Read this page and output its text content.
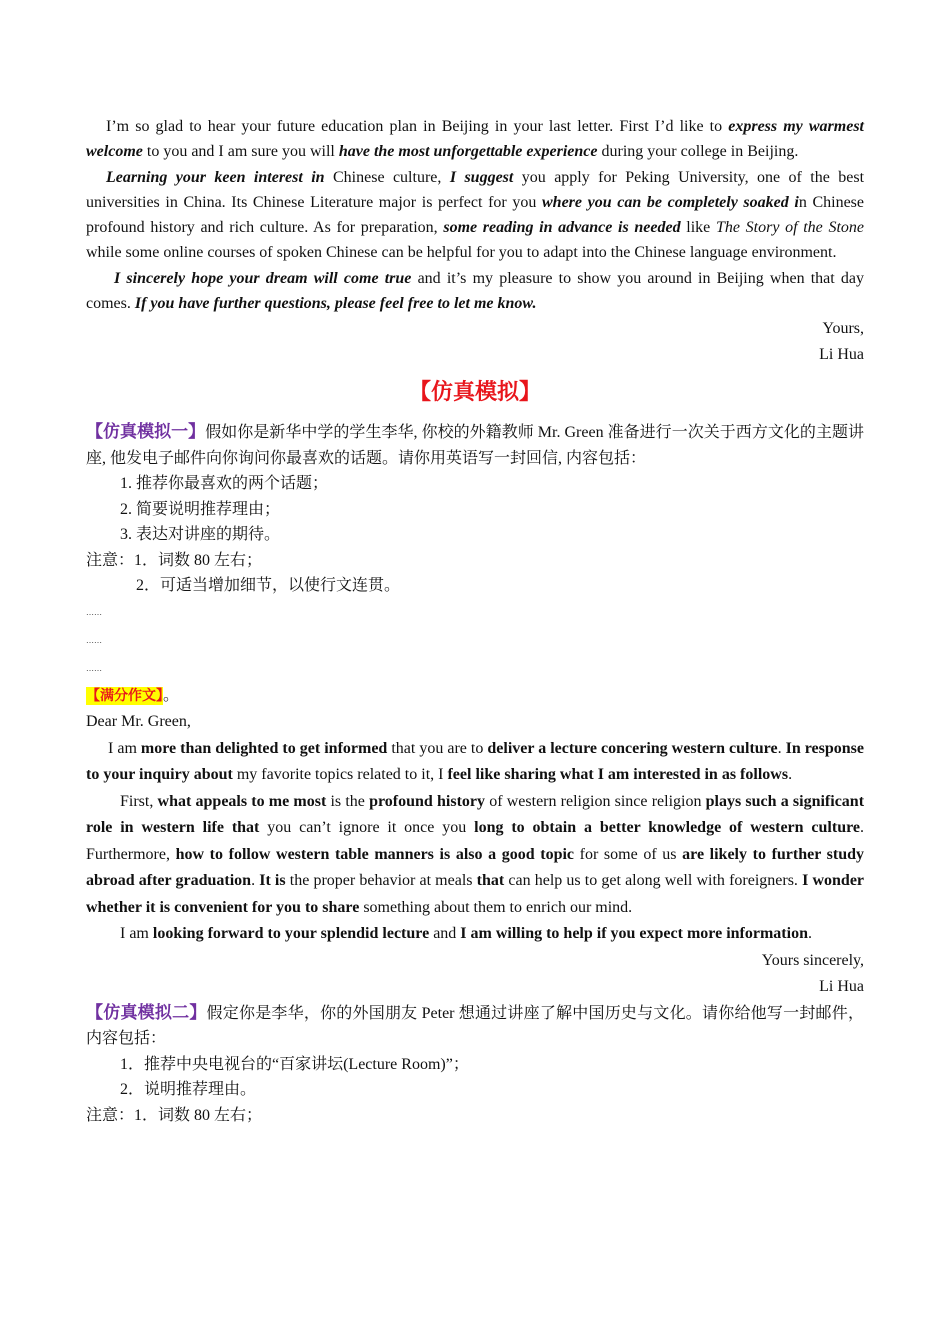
I’m so glad to hear your future education plan in Beijing in your last letter. First I’d like to express my warmest welcome to you and I am sure you will have the most unforgettable experience during your college in Beijing.

Learning your keen interest in Chinese culture, I suggest you apply for Peking University, one of the best universities in China. Its Chinese Literature major is perfect for you where you can be completely soaked in Chinese profound history and rich culture. As for preparation, some reading in advance is needed like The Story of the Stone while some online courses of spoken Chinese can be helpful for you to adapt into the Chinese language environment.

I sincerely hope your dream will come true and it’s my pleasure to show you around in Beijing when that day comes. If you have further questions, please feel free to let me know.

Yours,

Li Hua

【仿真模拟】

【仿真模拟一】假如你是新华中学的学生李华, 你校的外籍教师 Mr. Green 准备进行一次关于西方文化的主题讲座, 他发电子邮件向你询问你最喜欢的话题。请你用英语写一封回信, 内容包括：

1. 推荐你最喜欢的两个话题；

2. 简要说明推荐理由；

3. 表达对讲座的期待。

注意：1．词数 80 左右；

2．可适当增加细节，以使行文连贯。

……

……

……

【满分作文】。

Dear Mr. Green,

I am more than delighted to get informed that you are to deliver a lecture concering western culture. In response to your inquiry about my favorite topics related to it, I feel like sharing what I am interested in as follows.

First, what appeals to me most is the profound history of western religion since religion plays such a significant role in western life that you can’t ignore it once you long to obtain a better knowledge of western culture. Furthermore, how to follow western table manners is also a good topic for some of us are likely to further study abroad after graduation. It is the proper behavior at meals that can help us to get along well with foreigners. I wonder whether it is convenient for you to share something about them to enrich our mind.

I am looking forward to your splendid lecture and I am willing to help if you expect more information.

Yours sincerely,

Li Hua

【仿真模拟二】假定你是李华，你的外国朋友 Peter 想通过讲座了解中国历史与文化。请你给他写一封邮件，内容包括：

1．推荐中央电视台的“百家讲坛(Lecture Room)”；

2．说明推荐理由。

注意：1．词数 80 左右；
